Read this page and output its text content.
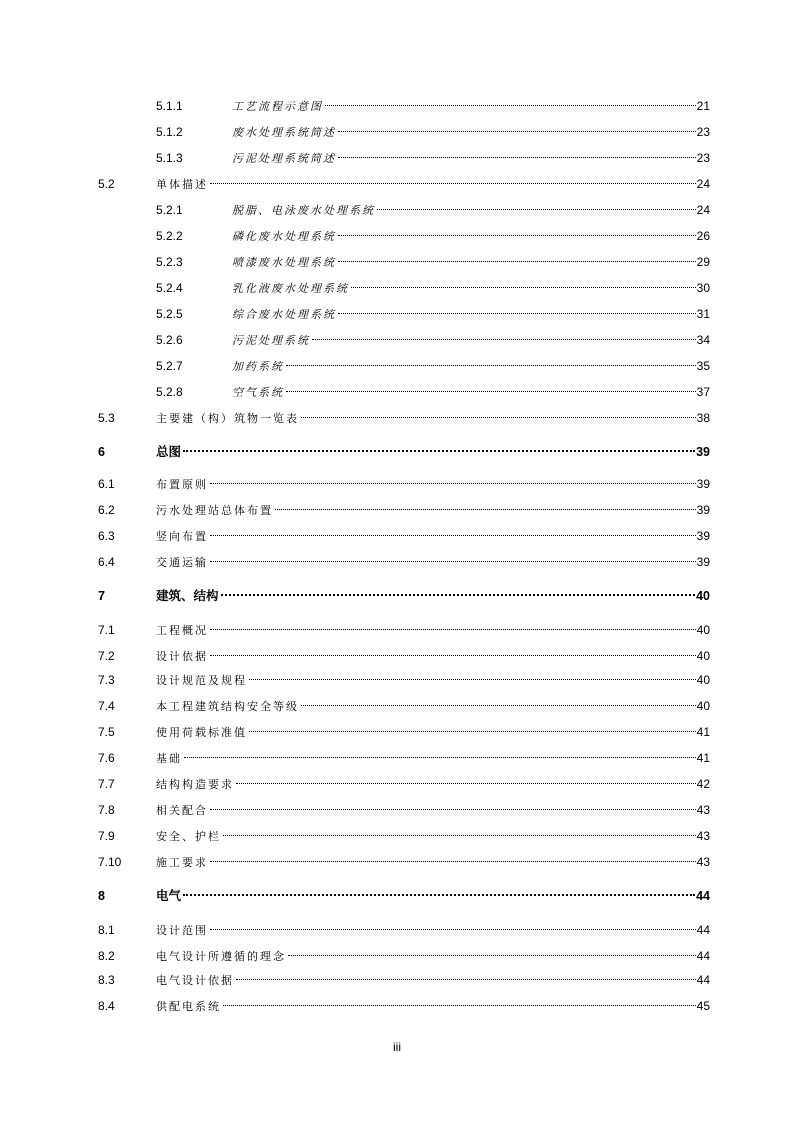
5.1.1	工艺流程示意图	21
5.1.2	废水处理系统简述	23
5.1.3	污泥处理系统简述	23
5.2	单体描述	24
5.2.1	脱脂、电泳废水处理系统	24
5.2.2	磷化废水处理系统	26
5.2.3	喷漆废水处理系统	29
5.2.4	乳化液废水处理系统	30
5.2.5	综合废水处理系统	31
5.2.6	污泥处理系统	34
5.2.7	加药系统	35
5.2.8	空气系统	37
5.3	主要建（构）筑物一览表	38
6	总图	39
6.1	布置原则	39
6.2	污水处理站总体布置	39
6.3	竖向布置	39
6.4	交通运输	39
7	建筑、结构	40
7.1	工程概况	40
7.2	设计依据	40
7.3	设计规范及规程	40
7.4	本工程建筑结构安全等级	40
7.5	使用荷载标准值	41
7.6	基础	41
7.7	结构构造要求	42
7.8	相关配合	43
7.9	安全、护栏	43
7.10	施工要求	43
8	电气	44
8.1	设计范围	44
8.2	电气设计所遵循的理念	44
8.3	电气设计依据	44
8.4	供配电系统	45
iii
